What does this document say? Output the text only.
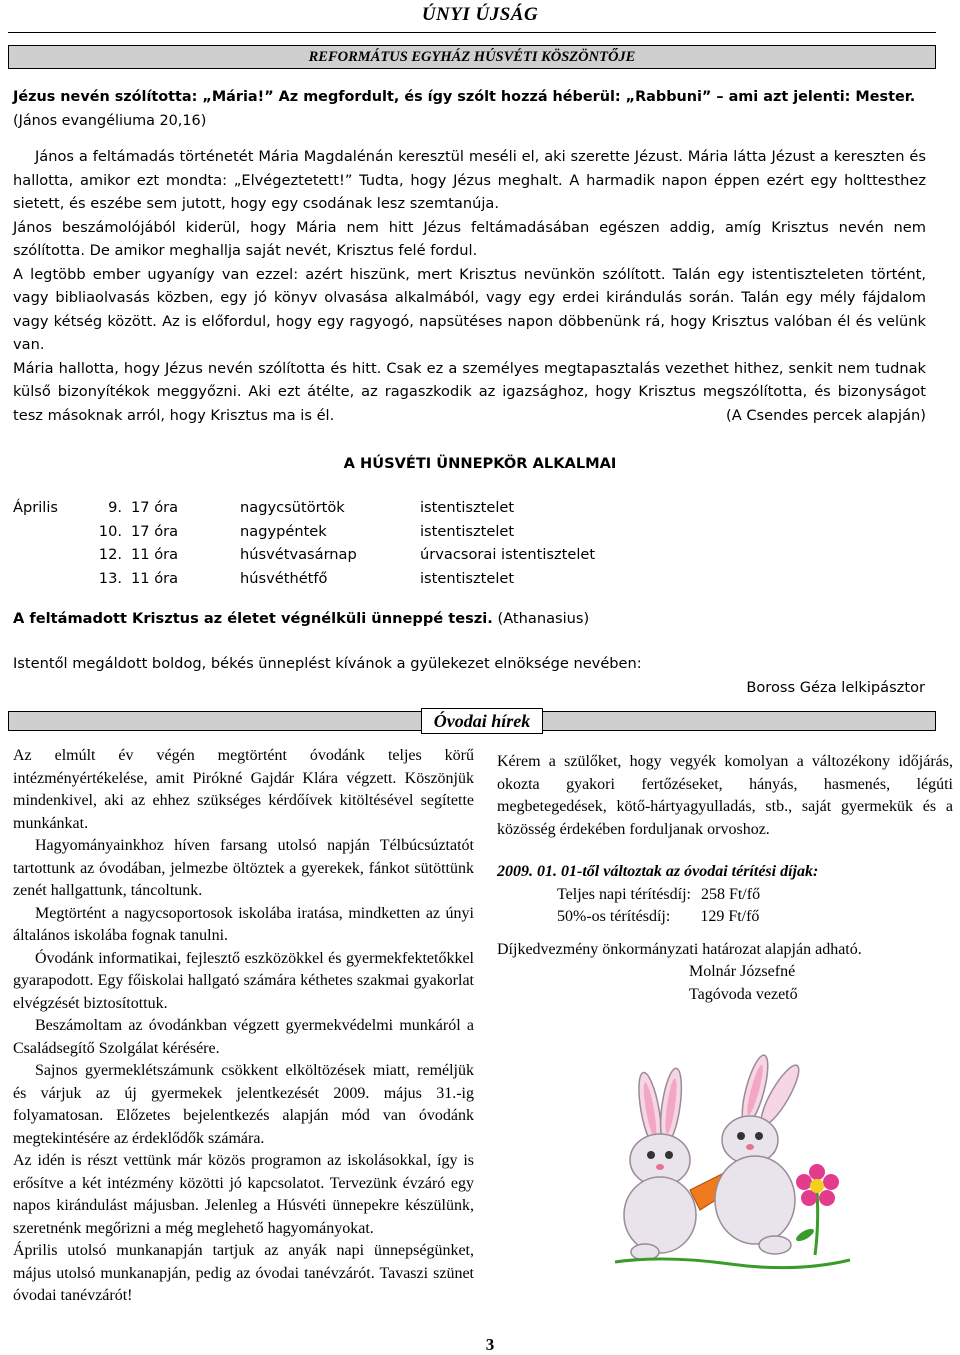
ÚNYI ÚJSÁG
REFORMÁTUS EGYHÁZ HÚSVÉTI KÖSZÖNTŐJE

Jézus nevén szólította: „Mária!” Az megfordult, és így szólt hozzá héberül: „Rabbuni” – ami azt jelenti: Mester. (János evangéliuma 20,16)

János a feltámadás történetét Mária Magdalénán keresztül meséli el, aki szerette Jézust. Mária látta Jézust a kereszten és hallotta, amikor ezt mondta: „Elvégeztetett!” Tudta, hogy Jézus meghalt. A harmadik napon éppen ezért egy holttesthez sietett, és eszébe sem jutott, hogy egy csodának lesz szemtanúja.

János beszámolójából kiderül, hogy Mária nem hitt Jézus feltámadásában egészen addig, amíg Krisztus nevén nem szólította. De amikor meghallja saját nevét, Krisztus felé fordul.

A legtöbb ember ugyanígy van ezzel: azért hiszünk, mert Krisztus nevünkön szólított. Talán egy istentiszteleten történt, vagy bibliaolvasás közben, egy jó könyv olvasása alkalmából, vagy egy erdei kirándulás során. Talán egy mély fájdalom vagy kétség között. Az is előfordul, hogy egy ragyogó, napsütéses napon döbbenünk rá, hogy Krisztus valóban él és velünk van.

Mária hallotta, hogy Jézus nevén szólította és hitt. Csak ez a személyes megtapasztalás vezethet hithez, senkit nem tudnak külső bizonyítékok meggyőzni. Aki ezt átélte, az ragaszkodik az igazsághoz, hogy Krisztus megszólította, és bizonyságot tesz másoknak arról, hogy Krisztus ma is él.	(A Csendes percek alapján)

A HÚSVÉTI ÜNNEPKÖR ALKALMAI
Április	9. 17 óra	nagycsütörtök	istentisztelet
10. 17 óra	nagypéntek	istentisztelet
12. 11 óra	húsvétvasárnap	úrvacsorai istentisztelet
13. 11 óra	húsvéthétfő	istentisztelet
A feltámadott Krisztus az életet végnélküli ünneppé teszi. (Athanasius)
Istentől megáldott boldog, békés ünneplést kívánok a gyülekezet elnöksége nevében:
Boross Géza lelkipásztor
Óvodai hírek

Az elmúlt év végén megtörtént óvodánk teljes körű intézményértékelése, amit Pirókné Gajdár Klára végzett. Köszönjük mindenkivel, aki az ehhez szükséges kérdőívek kitöltésével segítette munkánkat.

Hagyományainkhoz híven farsang utolsó napján Télbúcsúztatót tartottunk az óvodában, jelmezbe öltöztek a gyerekek, fánkot sütöttünk zenét hallgattunk, táncoltunk.

Megtörtént a nagycsoportosok iskolába iratása, mindketten az únyi általános iskolába fognak tanulni.

Óvodánk informatikai, fejlesztő eszközökkel és gyermekfektetőkkel gyarapodott. Egy főiskolai hallgató számára kéthetes szakmai gyakorlat elvégzését biztosítottuk.

Beszámoltam az óvodánkban végzett gyermekvédelmi munkáról a Családsegítő Szolgálat kérésére.

Sajnos gyermeklétszámunk csökkent elköltözések miatt, reméljük és várjuk az új gyermekek jelentkezését 2009. május 31.-ig folyamatosan. Előzetes bejelentkezés alapján mód van óvodánk megtekintésére az érdeklődők számára.

Az idén is részt vettünk már közös programon az iskolásokkal, így is erősítve a két intézmény közötti jó kapcsolatot. Tervezünk évzáró egy napos kirándulást májusban. Jelenleg a Húsvéti ünnepekre készülünk, szeretnénk megőrizni a még meglehető hagyományokat.

Április utolsó munkanapján tartjuk az anyák napi ünnepségünket, május utolsó munkanapján, pedig az óvodai tanévzárót. Tavaszi szünet óvodai tanévzárót!

Kérem a szülőket, hogy vegyék komolyan a változékony időjárás, okozta gyakori fertőzéseket, hányás, hasmenés, légúti megbetegedések, kötő-hártyagyulladás, stb., saját gyermekük és a közösség érdekében forduljanak orvoshoz.

2009. 01. 01-től változtak az óvodai térítési díjak:

Teljes napi térítésdíj: 258 Ft/fő

50%-os térítésdíj: 129 Ft/fő

Díjkedvezmény önkormányzati határozat alapján adható.

Molnár Józsefné

Tagóvoda vezető

3
